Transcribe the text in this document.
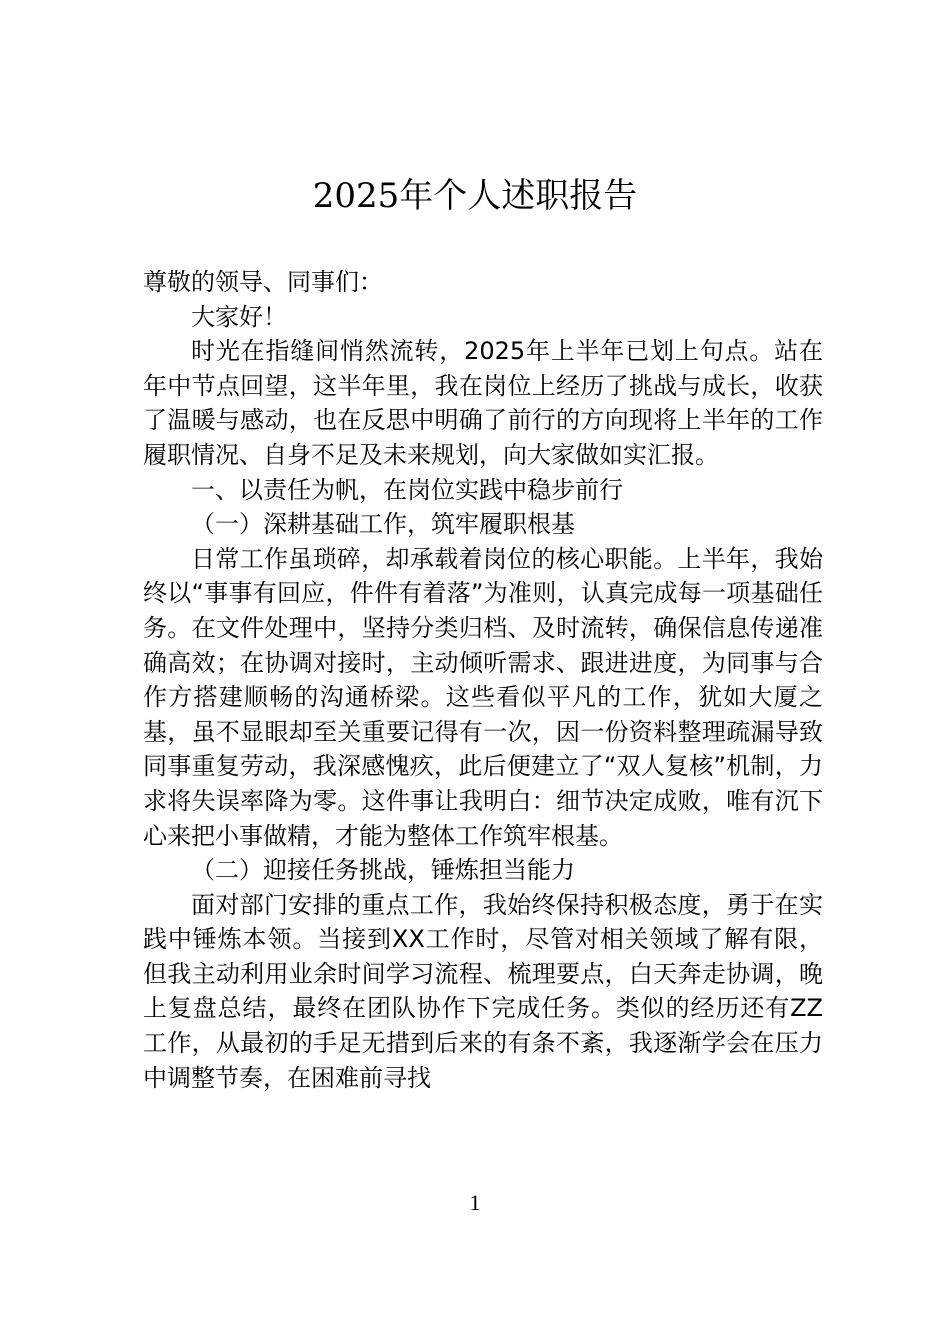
2025年个人述职报告

尊敬的领导、同事们：

大家好！

时光在指缝间悄然流转，2025年上半年已划上句点。站在年中节点回望，这半年里，我在岗位上经历了挑战与成长，收获了温暖与感动，也在反思中明确了前行的方向现将上半年的工作履职情况、自身不足及未来规划，向大家做如实汇报。

一、以责任为帆，在岗位实践中稳步前行

（一）深耕基础工作，筑牢履职根基

日常工作虽琐碎，却承载着岗位的核心职能。上半年，我始终以“事事有回应，件件有着落”为准则，认真完成每一项基础任务。在文件处理中，坚持分类归档、及时流转，确保信息传递准确高效；在协调对接时，主动倾听需求、跟进进度，为同事与合作方搭建顺畅的沟通桥梁。这些看似平凡的工作，犹如大厦之基，虽不显眼却至关重要记得有一次，因一份资料整理疏漏导致同事重复劳动，我深感愧疚，此后便建立了“双人复核”机制，力求将失误率降为零。这件事让我明白：细节决定成败，唯有沉下心来把小事做精，才能为整体工作筑牢根基。

（二）迎接任务挑战，锤炼担当能力

面对部门安排的重点工作，我始终保持积极态度，勇于在实践中锤炼本领。当接到XX工作时，尽管对相关领域了解有限，但我主动利用业余时间学习流程、梳理要点，白天奔走协调，晚上复盘总结，最终在团队协作下完成任务。类似的经历还有ZZ工作，从最初的手足无措到后来的有条不紊，我逐渐学会在压力中调整节奏，在困难前寻找

1
